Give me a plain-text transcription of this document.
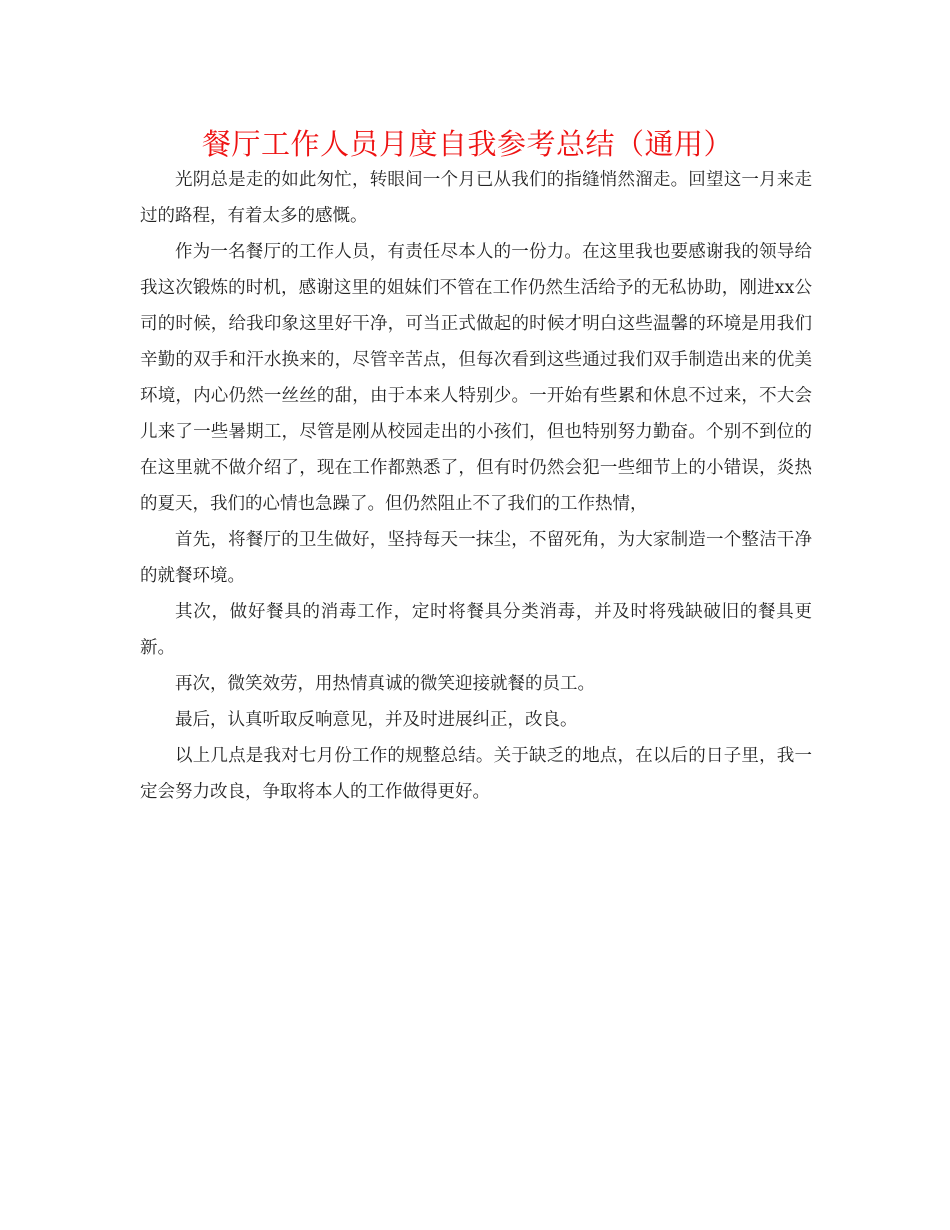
餐厅工作人员月度自我参考总结（通用）

光阴总是走的如此匆忙，转眼间一个月已从我们的指缝悄然溜走。回望这一月来走过的路程，有着太多的感慨。

作为一名餐厅的工作人员，有责任尽本人的一份力。在这里我也要感谢我的领导给我这次锻炼的时机，感谢这里的姐妹们不管在工作仍然生活给予的无私协助，刚进xx公司的时候，给我印象这里好干净，可当正式做起的时候才明白这些温馨的环境是用我们辛勤的双手和汗水换来的，尽管辛苦点，但每次看到这些通过我们双手制造出来的优美环境，内心仍然一丝丝的甜，由于本来人特别少。一开始有些累和休息不过来，不大会儿来了一些暑期工，尽管是刚从校园走出的小孩们，但也特别努力勤奋。个别不到位的在这里就不做介绍了，现在工作都熟悉了，但有时仍然会犯一些细节上的小错误，炎热的夏天，我们的心情也急躁了。但仍然阻止不了我们的工作热情，

首先，将餐厅的卫生做好，坚持每天一抹尘，不留死角，为大家制造一个整洁干净的就餐环境。

其次，做好餐具的消毒工作，定时将餐具分类消毒，并及时将残缺破旧的餐具更新。

再次，微笑效劳，用热情真诚的微笑迎接就餐的员工。

最后，认真听取反响意见，并及时进展纠正，改良。

以上几点是我对七月份工作的规整总结。关于缺乏的地点，在以后的日子里，我一定会努力改良，争取将本人的工作做得更好。
